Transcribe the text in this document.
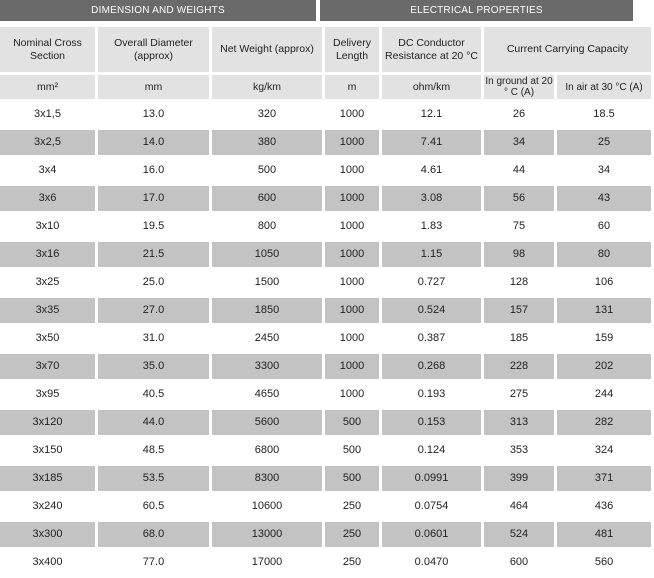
DIMENSION AND WEIGHTS	ELECTRICAL PROPERTIES
Nominal Cross Section	Overall Diameter (approx)	Net Weight (approx)	Delivery Length	DC Conductor Resistance at 20 °C	Current Carrying Capacity	
mm²	mm	kg/km	m	ohm/km	In ground at 20 ° C (A)	In air at 30 °C (A)
3x1,5	13.0	320	1000	12.1	26	18.5
3x2,5	14.0	380	1000	7.41	34	25
3x4	16.0	500	1000	4.61	44	34
3x6	17.0	600	1000	3.08	56	43
3x10	19.5	800	1000	1.83	75	60
3x16	21.5	1050	1000	1.15	98	80
3x25	25.0	1500	1000	0.727	128	106
3x35	27.0	1850	1000	0.524	157	131
3x50	31.0	2450	1000	0.387	185	159
3x70	35.0	3300	1000	0.268	228	202
3x95	40.5	4650	1000	0.193	275	244
3x120	44.0	5600	500	0.153	313	282
3x150	48.5	6800	500	0.124	353	324
3x185	53.5	8300	500	0.0991	399	371
3x240	60.5	10600	250	0.0754	464	436
3x300	68.0	13000	250	0.0601	524	481
3x400	77.0	17000	250	0.0470	600	560
